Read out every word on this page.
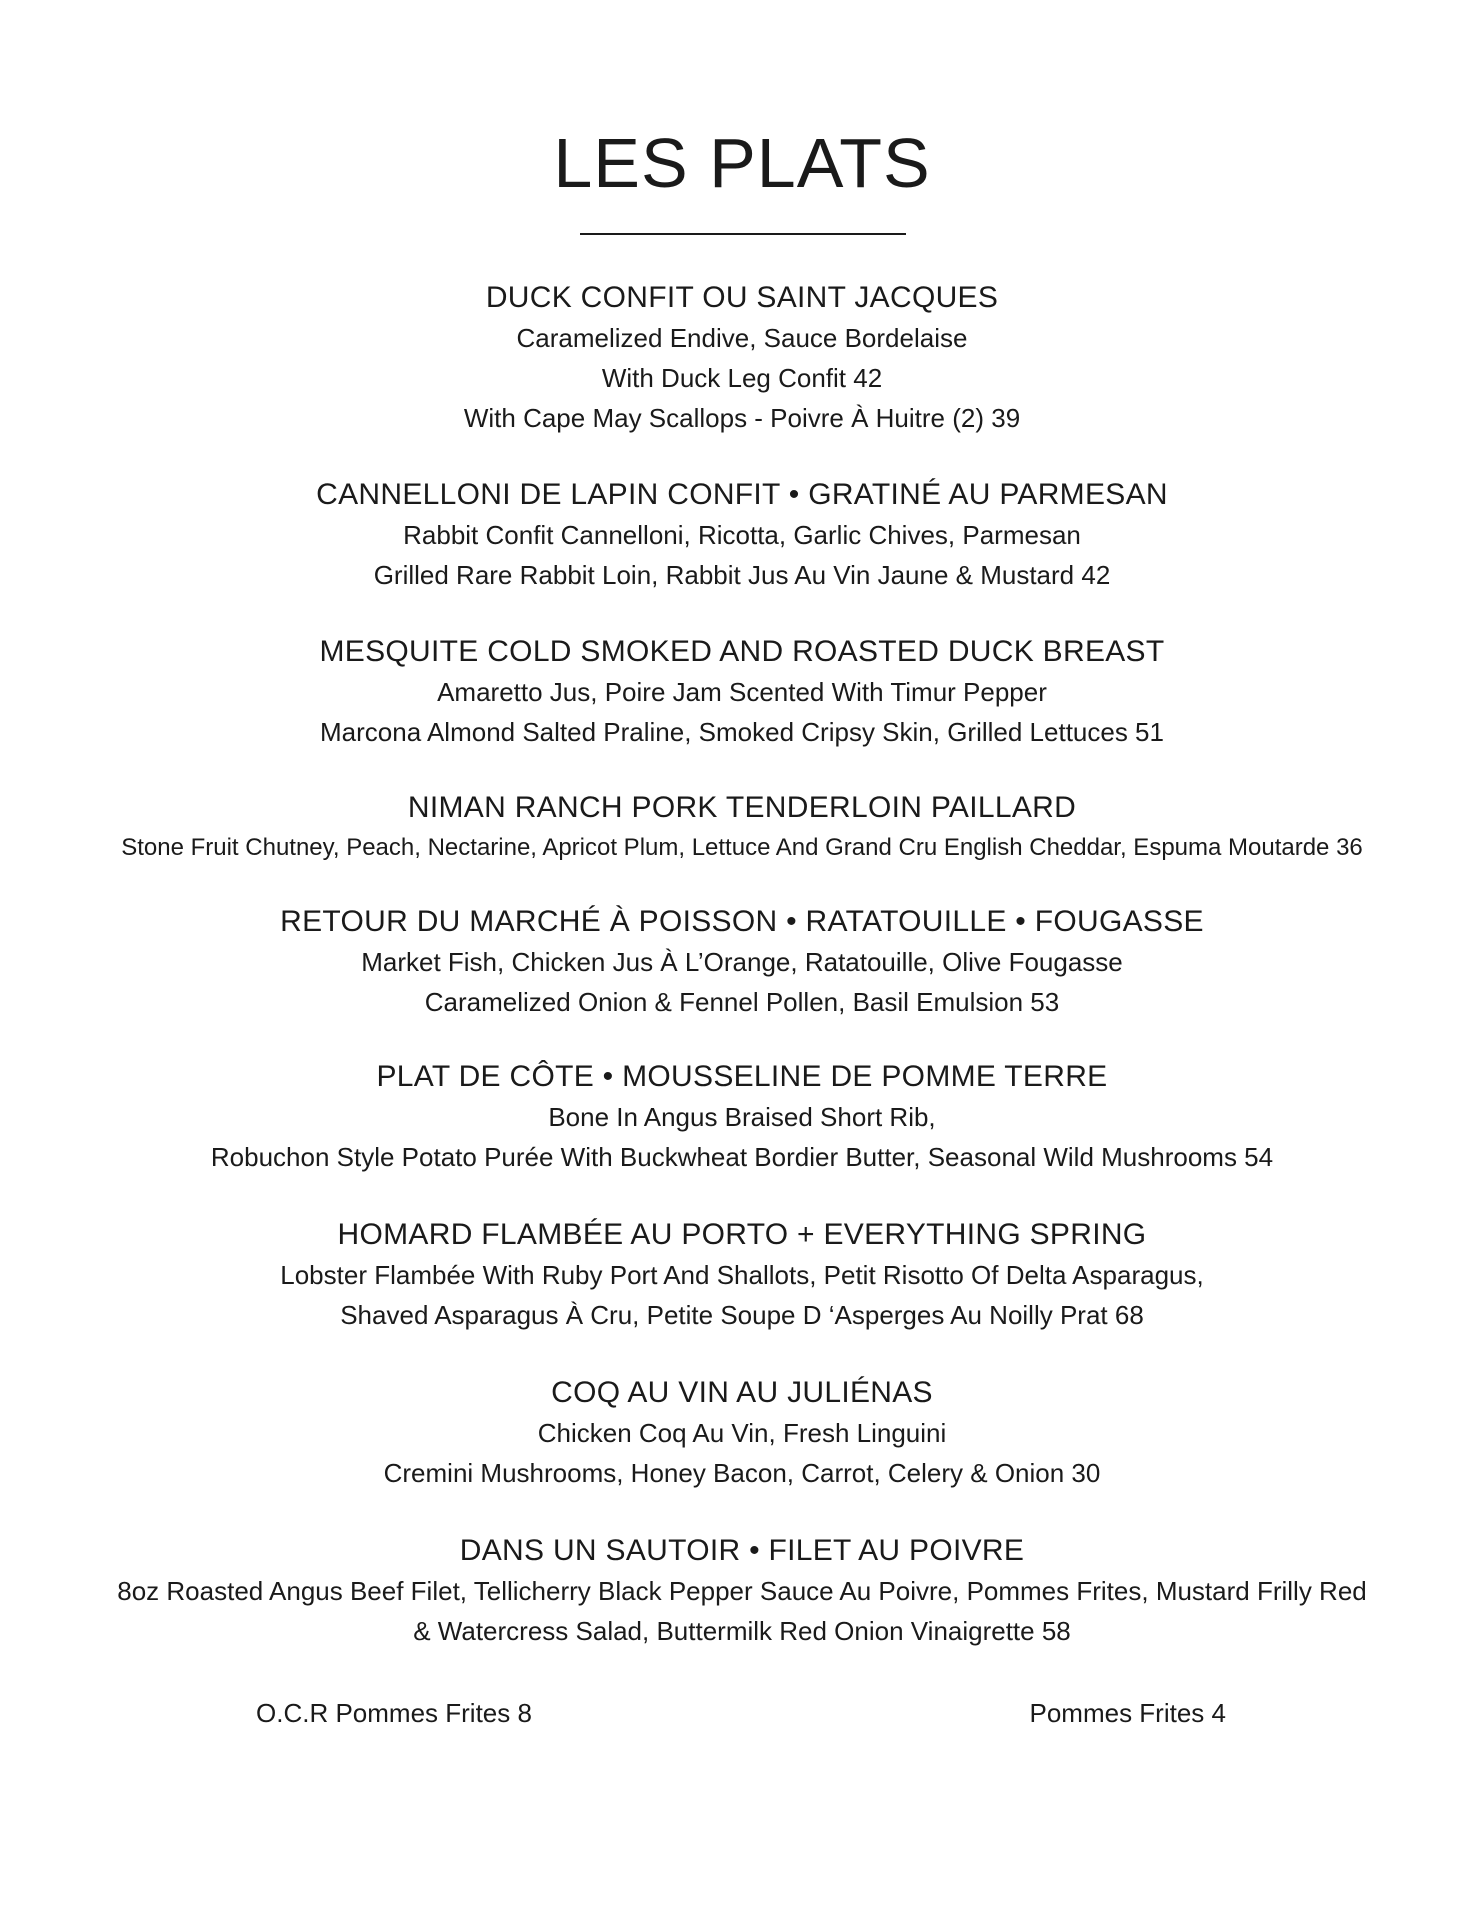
LES PLATS
DUCK CONFIT OU SAINT JACQUES
Caramelized Endive, Sauce Bordelaise
With Duck Leg Confit 42
With Cape May Scallops - Poivre À Huitre (2) 39
CANNELLONI DE LAPIN CONFIT • GRATINÉ AU PARMESAN
Rabbit Confit Cannelloni, Ricotta, Garlic Chives, Parmesan
Grilled Rare Rabbit Loin, Rabbit Jus Au Vin Jaune & Mustard 42
MESQUITE COLD SMOKED AND ROASTED DUCK BREAST
Amaretto Jus, Poire Jam Scented With Timur Pepper
Marcona Almond Salted Praline, Smoked Cripsy Skin, Grilled Lettuces 51
NIMAN RANCH PORK TENDERLOIN PAILLARD
Stone Fruit Chutney, Peach, Nectarine, Apricot Plum, Lettuce And Grand Cru English Cheddar, Espuma Moutarde 36
RETOUR DU MARCHÉ À POISSON • RATATOUILLE • FOUGASSE
Market Fish, Chicken Jus À L’Orange, Ratatouille, Olive Fougasse
Caramelized Onion & Fennel Pollen, Basil Emulsion 53
PLAT DE CÔTE • MOUSSELINE DE POMME TERRE
Bone In Angus Braised Short Rib,
Robuchon Style Potato Purée With Buckwheat Bordier Butter, Seasonal Wild Mushrooms 54
HOMARD FLAMBÉE AU PORTO + EVERYTHING SPRING
Lobster Flambée With Ruby Port And Shallots, Petit Risotto Of Delta Asparagus,
Shaved Asparagus À Cru, Petite Soupe D ‘Asperges Au Noilly Prat 68
COQ AU VIN AU JULIÉNAS
Chicken Coq Au Vin, Fresh Linguini
Cremini Mushrooms, Honey Bacon, Carrot, Celery & Onion 30
DANS UN SAUTOIR • FILET AU POIVRE
8oz Roasted Angus Beef Filet, Tellicherry Black Pepper Sauce Au Poivre, Pommes Frites, Mustard Frilly Red
& Watercress Salad, Buttermilk Red Onion Vinaigrette 58
O.C.R Pommes Frites 8	Pommes Frites 4
